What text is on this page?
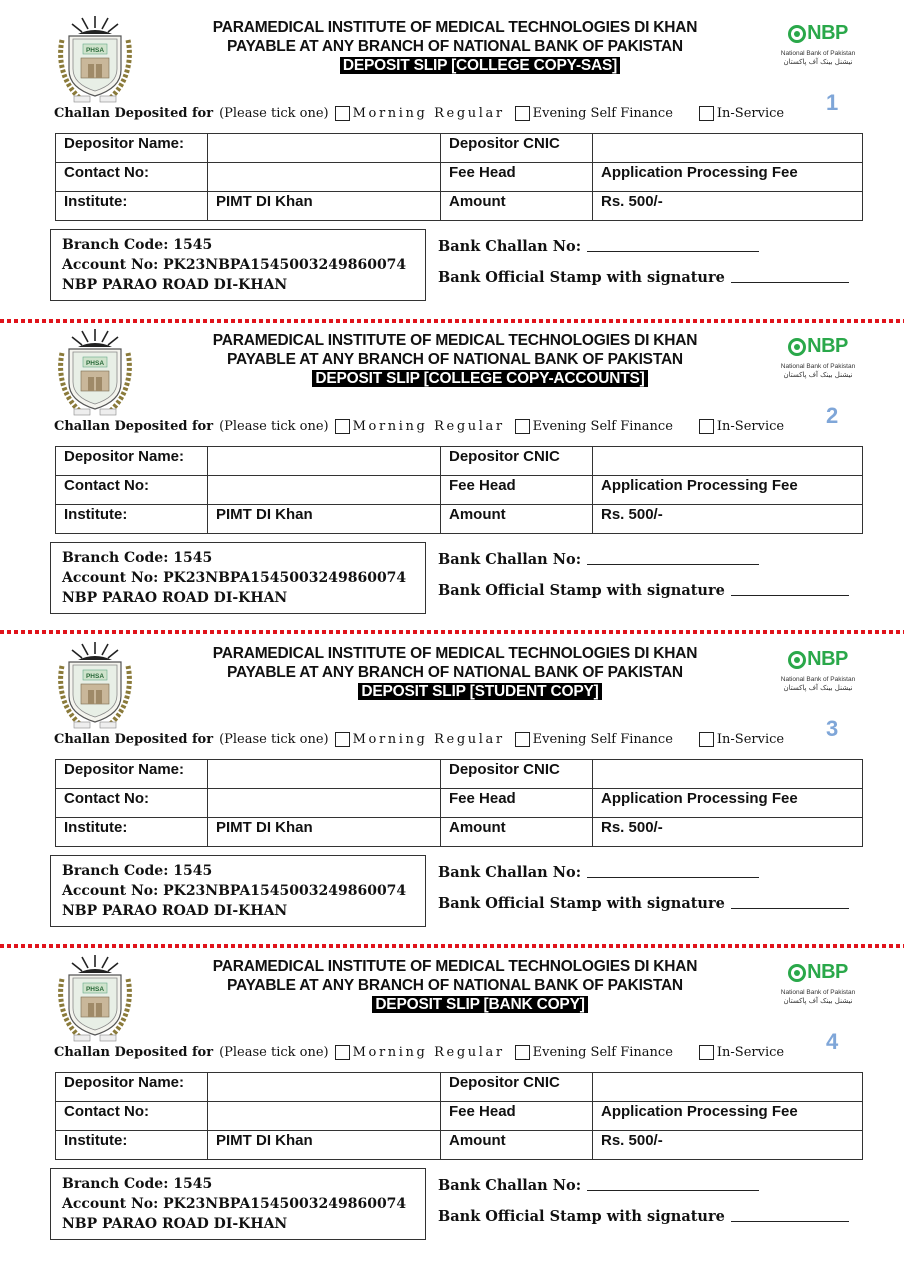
PHSA
PARAMEDICAL INSTITUTE OF MEDICAL TECHNOLOGIES DI KHAN
PAYABLE AT ANY BRANCH OF NATIONAL BANK OF PAKISTAN
DEPOSIT SLIP [COLLEGE COPY-SAS]
NBP
National Bank of Pakistan
نیشنل بینک آف پاکستان
1
Challan Deposited for (Please tick one) Morning Regular Evening Self Finance	In-Service
Depositor Name:		Depositor CNIC	
Contact No:		Fee Head	Application Processing Fee
Institute:	PIMT DI Khan	Amount	Rs. 500/-
Branch Code: 1545
Account No: PK23NBPA1545003249860074
NBP PARAO ROAD DI-KHAN
Bank Challan No:
Bank Official Stamp with signature
PHSA
PARAMEDICAL INSTITUTE OF MEDICAL TECHNOLOGIES DI KHAN
PAYABLE AT ANY BRANCH OF NATIONAL BANK OF PAKISTAN
DEPOSIT SLIP [COLLEGE COPY-ACCOUNTS]
NBP
National Bank of Pakistan
نیشنل بینک آف پاکستان
2
Challan Deposited for (Please tick one) Morning Regular Evening Self Finance	In-Service
Depositor Name:		Depositor CNIC	
Contact No:		Fee Head	Application Processing Fee
Institute:	PIMT DI Khan	Amount	Rs. 500/-
Branch Code: 1545
Account No: PK23NBPA1545003249860074
NBP PARAO ROAD DI-KHAN
Bank Challan No:
Bank Official Stamp with signature
PHSA
PARAMEDICAL INSTITUTE OF MEDICAL TECHNOLOGIES DI KHAN
PAYABLE AT ANY BRANCH OF NATIONAL BANK OF PAKISTAN
DEPOSIT SLIP [STUDENT COPY]
NBP
National Bank of Pakistan
نیشنل بینک آف پاکستان
3
Challan Deposited for (Please tick one) Morning Regular Evening Self Finance	In-Service
Depositor Name:		Depositor CNIC	
Contact No:		Fee Head	Application Processing Fee
Institute:	PIMT DI Khan	Amount	Rs. 500/-
Branch Code: 1545
Account No: PK23NBPA1545003249860074
NBP PARAO ROAD DI-KHAN
Bank Challan No:
Bank Official Stamp with signature
PHSA
PARAMEDICAL INSTITUTE OF MEDICAL TECHNOLOGIES DI KHAN
PAYABLE AT ANY BRANCH OF NATIONAL BANK OF PAKISTAN
DEPOSIT SLIP [BANK COPY]
NBP
National Bank of Pakistan
نیشنل بینک آف پاکستان
4
Challan Deposited for (Please tick one) Morning Regular Evening Self Finance	In-Service
Depositor Name:		Depositor CNIC	
Contact No:		Fee Head	Application Processing Fee
Institute:	PIMT DI Khan	Amount	Rs. 500/-
Branch Code: 1545
Account No: PK23NBPA1545003249860074
NBP PARAO ROAD DI-KHAN
Bank Challan No:
Bank Official Stamp with signature
